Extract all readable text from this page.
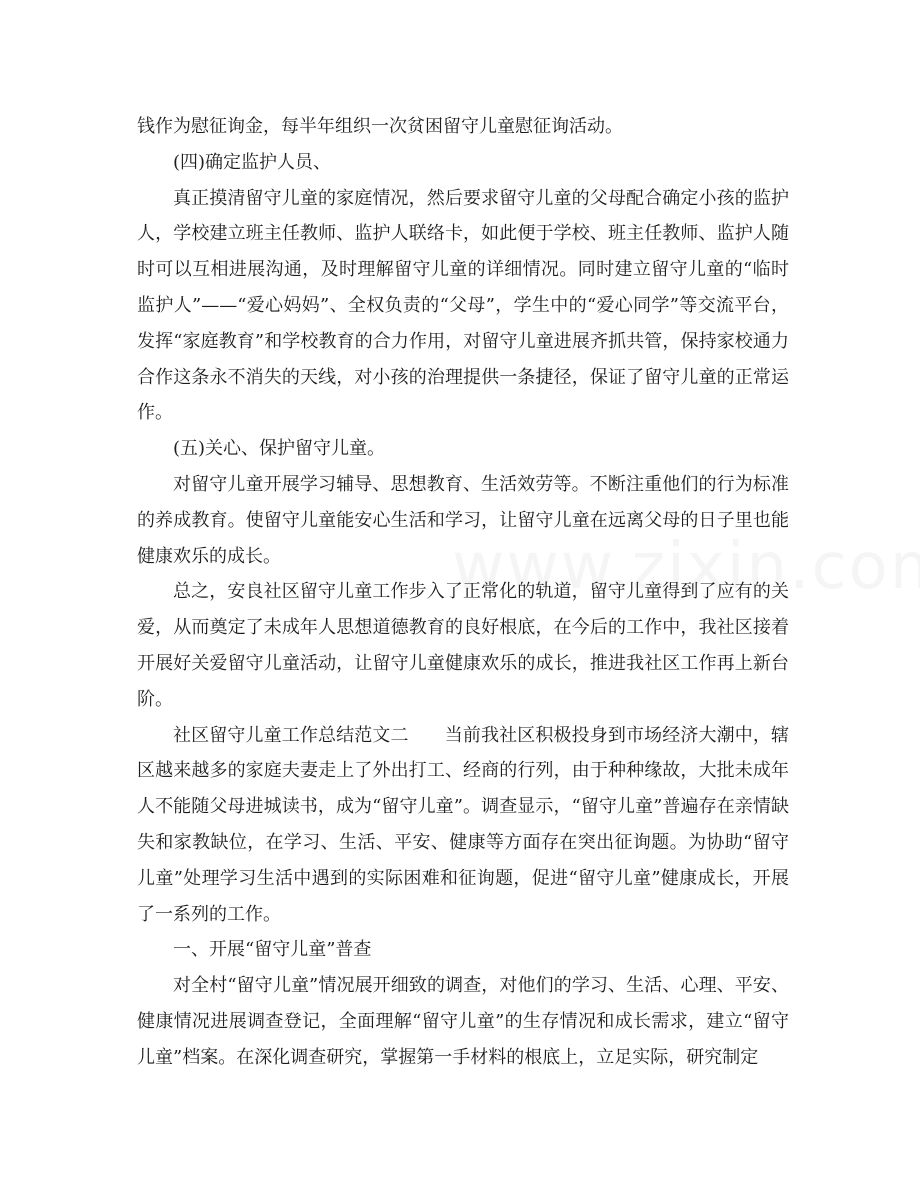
钱作为慰征询金，每半年组织一次贫困留守儿童慰征询活动。

(四)确定监护人员、

真正摸清留守儿童的家庭情况，然后要求留守儿童的父母配合确定小孩的监护人，学校建立班主任教师、监护人联络卡，如此便于学校、班主任教师、监护人随时可以互相进展沟通，及时理解留守儿童的详细情况。同时建立留守儿童的“临时监护人”——“爱心妈妈”、全权负责的“父母”，学生中的“爱心同学”等交流平台，发挥“家庭教育”和学校教育的合力作用，对留守儿童进展齐抓共管，保持家校通力合作这条永不消失的天线，对小孩的治理提供一条捷径，保证了留守儿童的正常运作。

(五)关心、保护留守儿童。

对留守儿童开展学习辅导、思想教育、生活效劳等。不断注重他们的行为标准的养成教育。使留守儿童能安心生活和学习，让留守儿童在远离父母的日子里也能健康欢乐的成长。

总之，安良社区留守儿童工作步入了正常化的轨道，留守儿童得到了应有的关爱，从而奠定了未成年人思想道德教育的良好根底，在今后的工作中，我社区接着开展好关爱留守儿童活动，让留守儿童健康欢乐的成长，推进我社区工作再上新台阶。

社区留守儿童工作总结范文二 当前我社区积极投身到市场经济大潮中，辖区越来越多的家庭夫妻走上了外出打工、经商的行列，由于种种缘故，大批未成年人不能随父母进城读书，成为“留守儿童”。调查显示，“留守儿童”普遍存在亲情缺失和家教缺位，在学习、生活、平安、健康等方面存在突出征询题。为协助“留守儿童”处理学习生活中遇到的实际困难和征询题，促进“留守儿童”健康成长，开展了一系列的工作。

一、开展“留守儿童”普查

对全村“留守儿童”情况展开细致的调查，对他们的学习、生活、心理、平安、健康情况进展调查登记，全面理解“留守儿童”的生存情况和成长需求，建立“留守儿童”档案。在深化调查研究，掌握第一手材料的根底上，立足实际，研究制定
